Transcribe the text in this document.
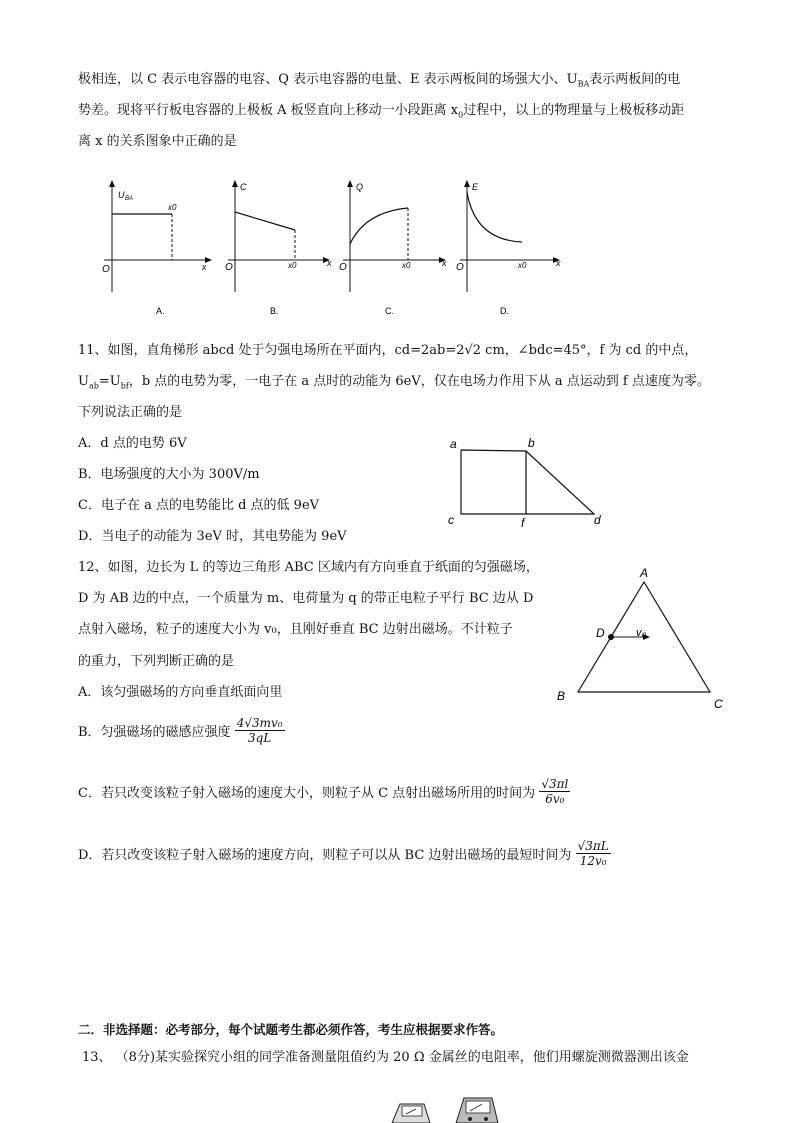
极相连，以 C 表示电容器的电容、Q 表示电容器的电量、E 表示两板间的场强大小、$U_{BA}$表示两板间的电
势差。现将平行板电容器的上极板 A 板竖直向上移动一小段距离 $x_0$过程中，以上的物理量与上极板移动距
离 x 的关系图象中正确的是
U BA
x0
O	x
A.
C
x0
O	x
B.
Q
x0
O	x
C.
E
x0
O	x
D.
11、如图，直角梯形 abcd 处于匀强电场所在平面内，cd=2ab=2√2 cm，∠bdc=45°，f 为 cd 的中点，
$U_{ab}=U_{bf}$，b 点的电势为零，一电子在 a 点时的动能为 6eV，仅在电场力作用下从 a 点运动到 f 点速度为零。
下列说法正确的是
A．d 点的电势 6V
B．电场强度的大小为 300V/m
C．电子在 a 点的电势能比 d 点的低 9eV
D．当电子的动能为 3eV 时，其电势能为 9eV
a	b
c	f	d
12、如图，边长为 L 的等边三角形 ABC 区域内有方向垂直于纸面的匀强磁场，
D 为 AB 边的中点，一个质量为 m、电荷量为 q 的带正电粒子平行 BC 边从 D
点射入磁场，粒子的速度大小为 v₀，且刚好垂直 BC 边射出磁场。不计粒子
的重力，下列判断正确的是
A．该匀强磁场的方向垂直纸面向里
B．匀强磁场的磁感应强度 $\frac{\text{4√3mv₀}}{3qL}$
C．若只改变该粒子射入磁场的速度大小，则粒子从 C 点射出磁场所用的时间为 $\frac{√3\pi l}{\text{6v₀}}$
D．若只改变该粒子射入磁场的速度方向，则粒子可以从 BC 边射出磁场的最短时间为 $\frac{√3\pi L}{\text{12v₀}}$
A
B
C
D	v₀
二．非选择题：必考部分，每个试题考生都必须作答，考生应根据要求作答。
13、 （8分)某实验探究小组的同学准备测量阻值约为 20 Ω 金属丝的电阻率，他们用螺旋测微器测出该金
